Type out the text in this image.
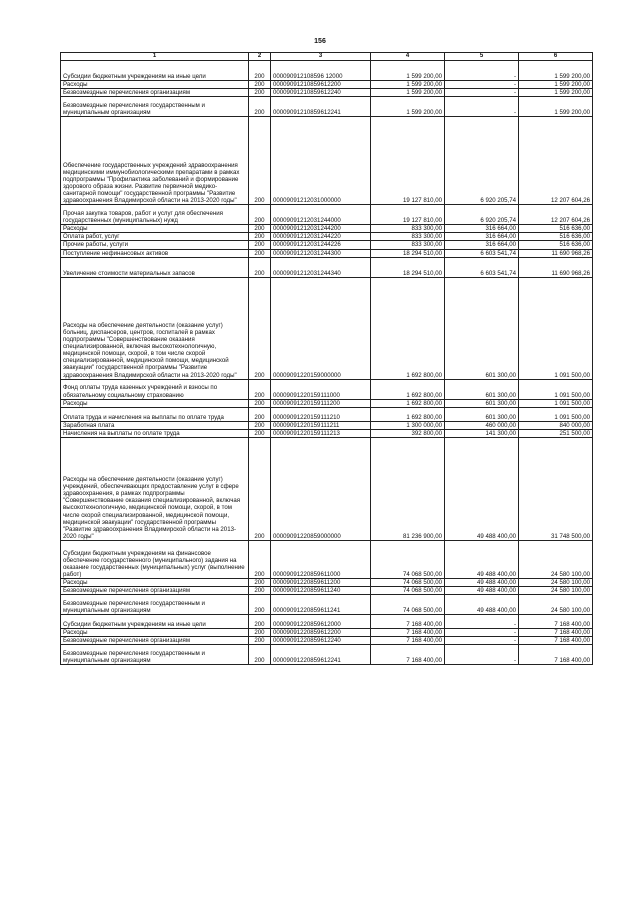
156
1	2	3	4	5	6
Субсидии бюджетным учреждениям на иные цели	200	000090912108596 12000	1 599 200,00	-	1 599 200,00
Расходы	200	00009091210859612200	1 599 200,00	-	1 599 200,00
Безвозмездные перечисления организациям	200	00009091210859612240	1 599 200,00	-	1 599 200,00
Безвозмездные перечисления государственным и муниципальным организациям	200	00009091210859612241	1 599 200,00	-	1 599 200,00
Обеспечение государственных учреждений здравоохранения медицинскими иммунобиологическими препаратами в рамках подпрограммы "Профилактика заболеваний и формирование здорового образа жизни. Развитие первичной медико-санитарной помощи" государственной программы "Развитие здравоохранения Владимирской области на 2013-2020 годы"	200	00009091212031000000	19 127 810,00	6 920 205,74	12 207 604,26
Прочая закупка товаров, работ и услуг для обеспечения государственных (муниципальных) нужд	200	00009091212031244000	19 127 810,00	6 920 205,74	12 207 604,26
Расходы	200	00009091212031244200	833 300,00	316 664,00	516 636,00
Оплата работ, услуг	200	00009091212031244220	833 300,00	316 664,00	516 636,00
Прочие работы, услуги	200	00009091212031244226	833 300,00	316 664,00	516 636,00
Поступление нефинансовых активов	200	00009091212031244300	18 294 510,00	6 603 541,74	11 690 968,26
Увеличение стоимости материальных запасов	200	00009091212031244340	18 294 510,00	6 603 541,74	11 690 968,26
Расходы на обеспечение деятельности (оказание услуг) больниц, диспансеров, центров, госпиталей в рамках подпрограммы "Совершенствование оказания специализированной, включая высокотехнологичную, медицинской помощи, скорой, в том числе скорой специализированной, медицинской помощи, медицинской эвакуации" государственной программы "Развитие здравоохранения Владимирской области на 2013-2020 годы"	200	00009091220159000000	1 692 800,00	601 300,00	1 091 500,00
Фонд оплаты труда казенных учреждений и взносы по обязательному социальному страхованию	200	00009091220159111000	1 692 800,00	601 300,00	1 091 500,00
Расходы	200	00009091220159111200	1 692 800,00	601 300,00	1 091 500,00
Оплата труда и начисления на выплаты по оплате труда	200	00009091220159111210	1 692 800,00	601 300,00	1 091 500,00
Заработная плата	200	00009091220159111211	1 300 000,00	460 000,00	840 000,00
Начисления на выплаты по оплате труда	200	00009091220159111213	392 800,00	141 300,00	251 500,00
Расходы на обеспечение деятельности (оказание услуг) учреждений, обеспечивающих предоставление услуг в сфере здравоохранения, в рамках подпрограммы "Совершенствование оказания специализированной, включая высокотехнологичную, медицинской помощи, скорой, в том числе скорой специализированной, медицинской помощи, медицинской эвакуации" государственной программы "Развитие здравоохранения Владимирской области на 2013-2020 годы"	200	00009091220859000000	81 236 900,00	49 488 400,00	31 748 500,00
Субсидии бюджетным учреждениям на финансовое обеспечение государственного (муниципального) задания на оказание государственных (муниципальных) услуг (выполнение работ)	200	00009091220859611000	74 068 500,00	49 488 400,00	24 580 100,00
Расходы	200	00009091220859611200	74 068 500,00	49 488 400,00	24 580 100,00
Безвозмездные перечисления организациям	200	00009091220859611240	74 068 500,00	49 488 400,00	24 580 100,00
Безвозмездные перечисления государственным и муниципальным организациям	200	00009091220859611241	74 068 500,00	49 488 400,00	24 580 100,00
Субсидии бюджетным учреждениям на иные цели	200	00009091220859612000	7 168 400,00	-	7 168 400,00
Расходы	200	00009091220859612200	7 168 400,00	-	7 168 400,00
Безвозмездные перечисления организациям	200	00009091220859612240	7 168 400,00	-	7 168 400,00
Безвозмездные перечисления государственным и муниципальным организациям	200	00009091220859612241	7 168 400,00	-	7 168 400,00
